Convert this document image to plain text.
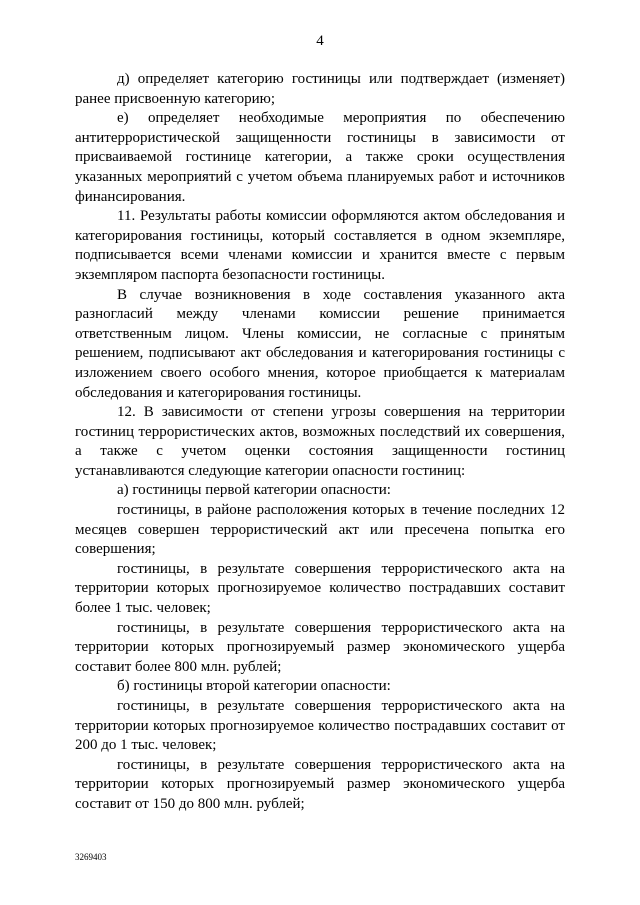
4

д) определяет категорию гостиницы или подтверждает (изменяет) ранее присвоенную категорию;

е) определяет необходимые мероприятия по обеспечению антитеррористической защищенности гостиницы в зависимости от присваиваемой гостинице категории, а также сроки осуществления указанных мероприятий с учетом объема планируемых работ и источников финансирования.

11. Результаты работы комиссии оформляются актом обследования и категорирования гостиницы, который составляется в одном экземпляре, подписывается всеми членами комиссии и хранится вместе с первым экземпляром паспорта безопасности гостиницы.

В случае возникновения в ходе составления указанного акта разногласий между членами комиссии решение принимается ответственным лицом. Члены комиссии, не согласные с принятым решением, подписывают акт обследования и категорирования гостиницы с изложением своего особого мнения, которое приобщается к материалам обследования и категорирования гостиницы.

12. В зависимости от степени угрозы совершения на территории гостиниц террористических актов, возможных последствий их совершения, а также с учетом оценки состояния защищенности гостиниц устанавливаются следующие категории опасности гостиниц:

а) гостиницы первой категории опасности:

гостиницы, в районе расположения которых в течение последних 12 месяцев совершен террористический акт или пресечена попытка его совершения;

гостиницы, в результате совершения террористического акта на территории которых прогнозируемое количество пострадавших составит более 1 тыс. человек;

гостиницы, в результате совершения террористического акта на территории которых прогнозируемый размер экономического ущерба составит более 800 млн. рублей;

б) гостиницы второй категории опасности:

гостиницы, в результате совершения террористического акта на территории которых прогнозируемое количество пострадавших составит от 200 до 1 тыс. человек;

гостиницы, в результате совершения террористического акта на территории которых прогнозируемый размер экономического ущерба составит от 150 до 800 млн. рублей;

3269403
